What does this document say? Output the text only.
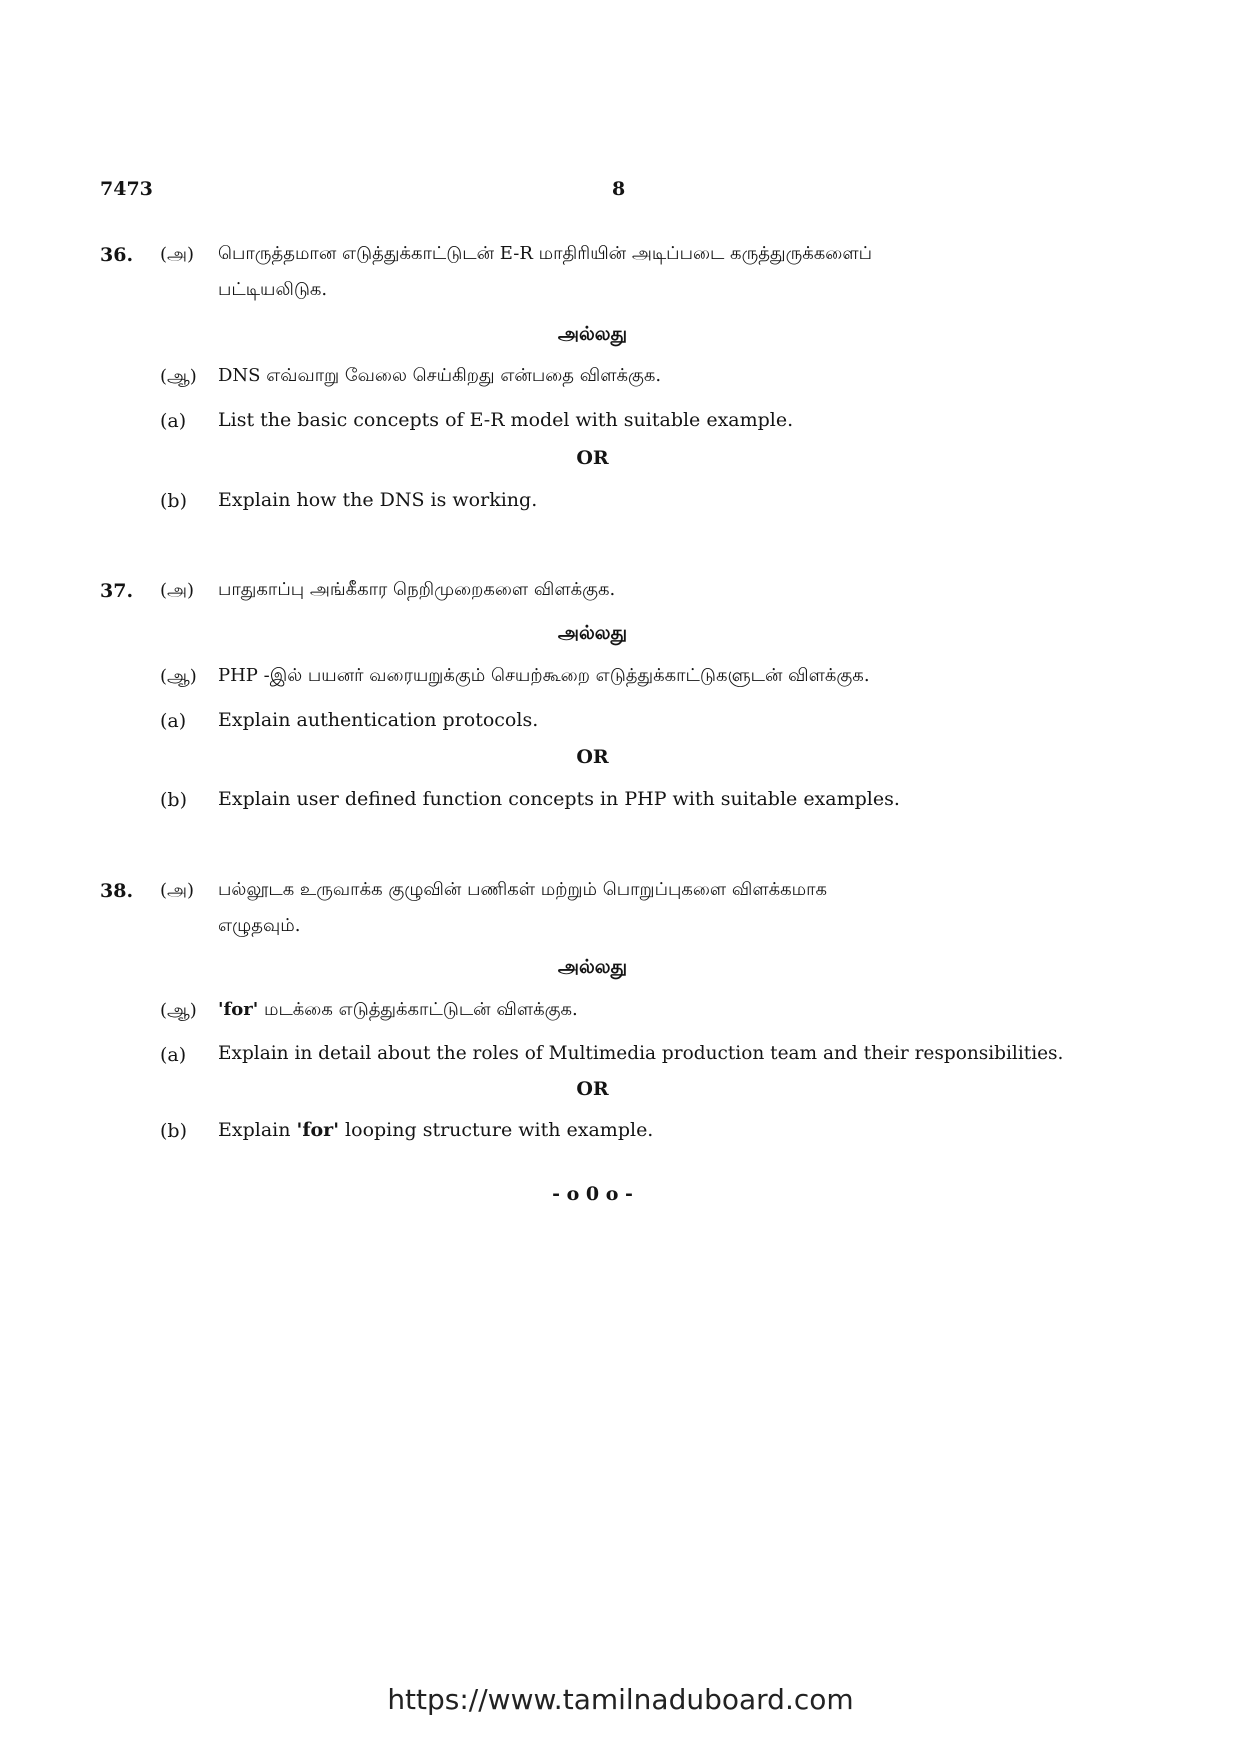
7473	8
36. (அ) பொருத்தமான எடுத்துக்காட்டுடன் E-R மாதிரியின் அடிப்படை கருத்துருக்களைப்
பட்டியலிடுக.
அல்லது
(ஆ) DNS எவ்வாறு வேலை செய்கிறது என்பதை விளக்குக.
(a) List the basic concepts of E-R model with suitable example.
OR
(b) Explain how the DNS is working.
37. (அ) பாதுகாப்பு அங்கீகார நெறிமுறைகளை விளக்குக.
அல்லது
(ஆ) PHP -இல் பயனர் வரையறுக்கும் செயற்கூறை எடுத்துக்காட்டுகளுடன் விளக்குக.
(a) Explain authentication protocols.
OR
(b) Explain user defined function concepts in PHP with suitable examples.
38. (அ) பல்லூடக உருவாக்க குழுவின் பணிகள் மற்றும் பொறுப்புகளை விளக்கமாக
எழுதவும்.
அல்லது
(ஆ) 'for' மடக்கை எடுத்துக்காட்டுடன் விளக்குக.
(a) Explain in detail about the roles of Multimedia production team and their responsibilities.
OR
(b) Explain 'for' looping structure with example.
- o 0 o -
https://www.tamilnaduboard.com
